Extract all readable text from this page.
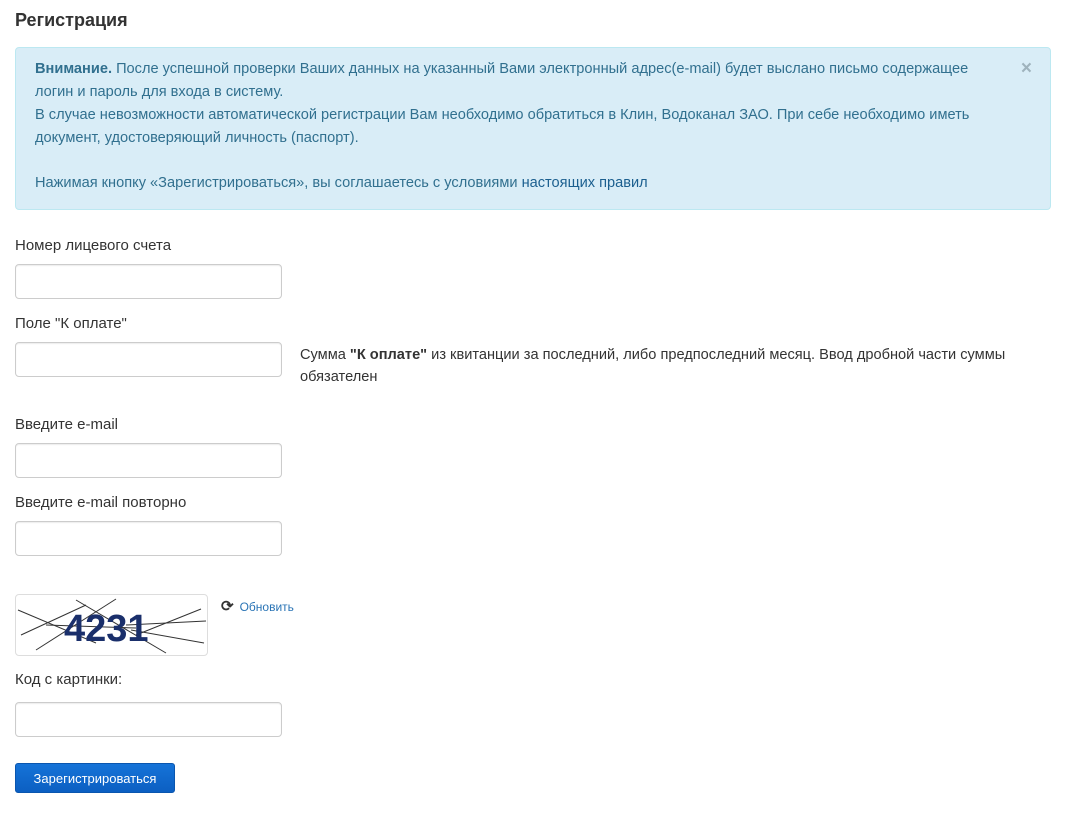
Регистрация
×

Внимание. После успешной проверки Ваших данных на указанный Вами электронный адрес(e-mail) будет выслано письмо содержащее логин и пароль для входа в систему.

В случае невозможности автоматической регистрации Вам необходимо обратиться в Клин, Водоканал ЗАО. При себе необходимо иметь документ, удостоверяющий личность (паспорт).

Нажимая кнопку «Зарегистрироваться», вы соглашаетесь с условиями настоящих правил

Номер лицевого счета
Поле "К оплате"
Сумма "К оплате" из квитанции за последний, либо предпоследний месяц. Ввод дробной части суммы обязателен
Введите e-mail
Введите e-mail повторно
4231
⟳ Обновить
Код с картинки:
Зарегистрироваться
